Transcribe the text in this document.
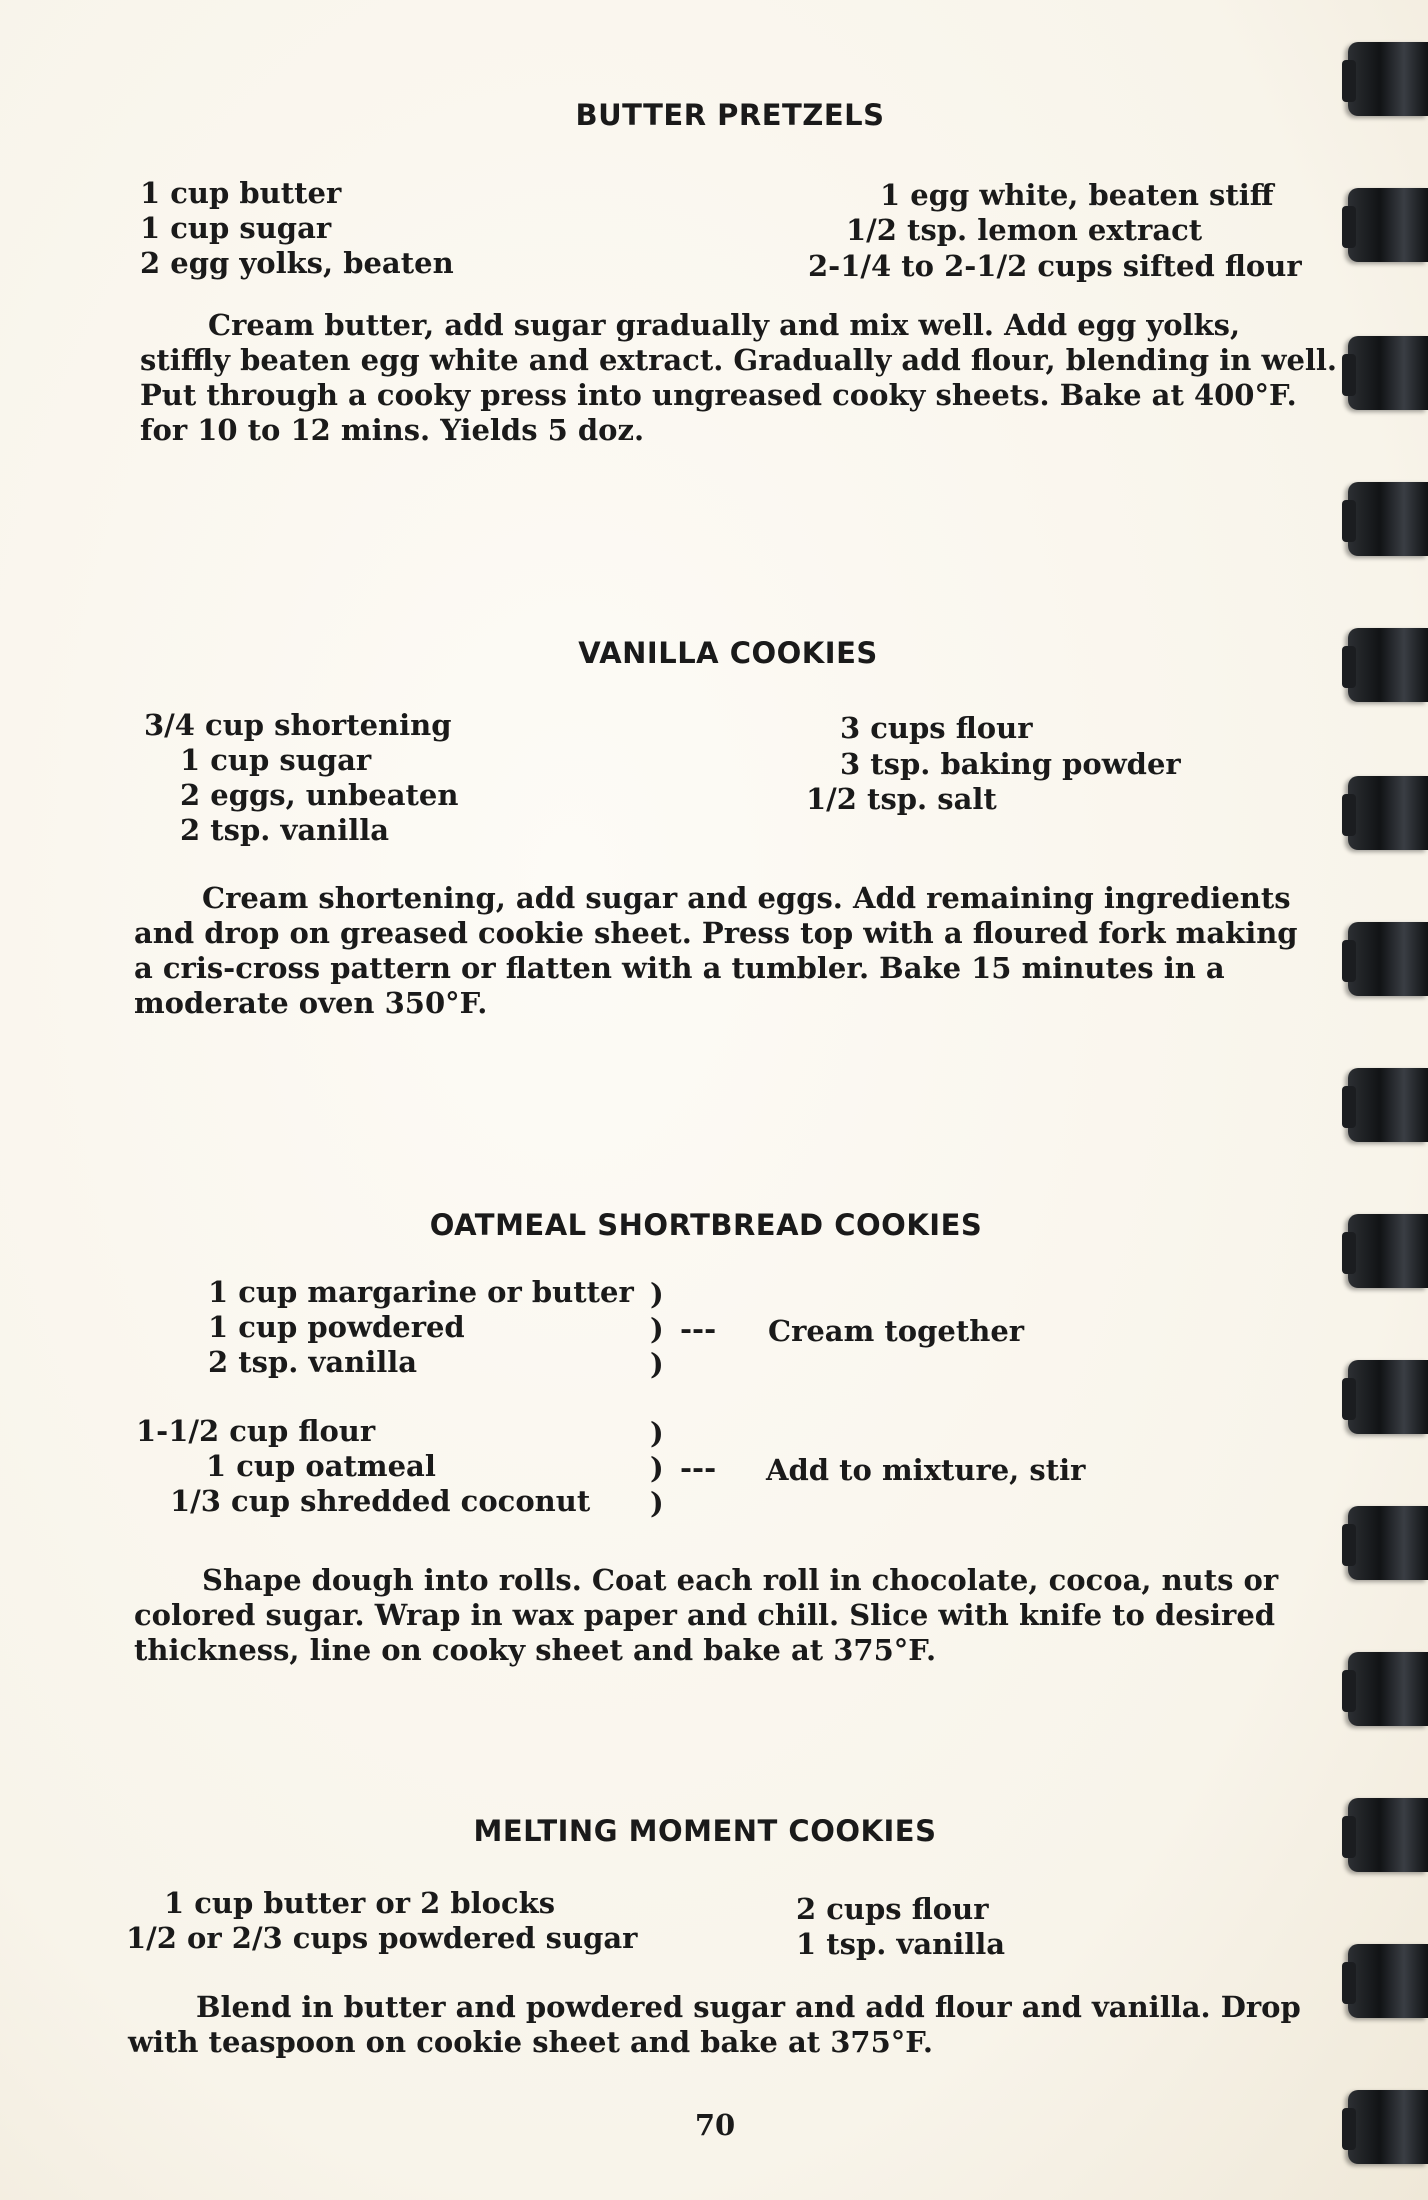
BUTTER PRETZELS
1 cup butter
1 cup sugar
2 egg yolks, beaten
1 egg white, beaten stiff
1/2 tsp. lemon extract
2-1/4 to 2-1/2 cups sifted flour
Cream butter, add sugar gradually and mix well. Add egg yolks,
stiffly beaten egg white and extract. Gradually add flour, blending in well.
Put through a cooky press into ungreased cooky sheets. Bake at 400°F.
for 10 to 12 mins. Yields 5 doz.
VANILLA COOKIES
3/4 cup shortening
1 cup sugar
2 eggs, unbeaten
2 tsp. vanilla
3 cups flour
3 tsp. baking powder
1/2 tsp. salt
Cream shortening, add sugar and eggs. Add remaining ingredients
and drop on greased cookie sheet. Press top with a floured fork making
a cris-cross pattern or flatten with a tumbler. Bake 15 minutes in a
moderate oven 350°F.
OATMEAL SHORTBREAD COOKIES
1 cup margarine or butter
1 cup powdered
2 tsp. vanilla
)
)
)
--- Cream together
1-1/2 cup flour
1 cup oatmeal
1/3 cup shredded coconut
)
)
)
--- Add to mixture, stir
Shape dough into rolls. Coat each roll in chocolate, cocoa, nuts or
colored sugar. Wrap in wax paper and chill. Slice with knife to desired
thickness, line on cooky sheet and bake at 375°F.
MELTING MOMENT COOKIES
1 cup butter or 2 blocks
1/2 or 2/3 cups powdered sugar
2 cups flour
1 tsp. vanilla
Blend in butter and powdered sugar and add flour and vanilla. Drop
with teaspoon on cookie sheet and bake at 375°F.
70
